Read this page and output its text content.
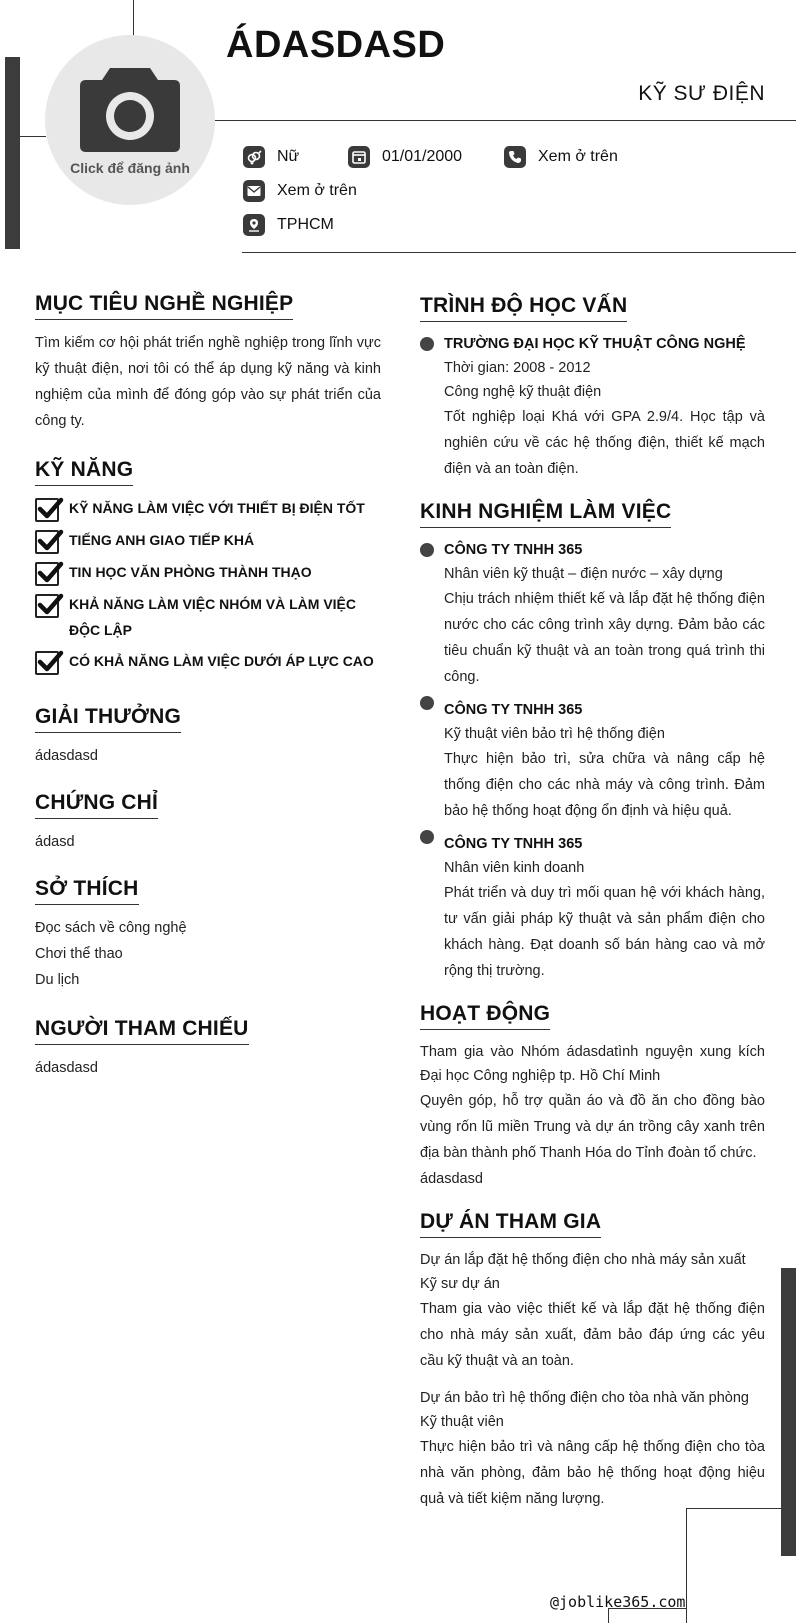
Click để đăng ảnh
ÁDASDASD
KỸ SƯ ĐIỆN
Nữ	01/01/2000	Xem ở trên
Xem ở trên
TPHCM
MỤC TIÊU NGHỀ NGHIỆP
Tìm kiếm cơ hội phát triển nghề nghiệp trong lĩnh vực kỹ thuật điện, nơi tôi có thể áp dụng kỹ năng và kinh nghiệm của mình để đóng góp vào sự phát triển của công ty.
KỸ NĂNG
KỸ NĂNG LÀM VIỆC VỚI THIẾT BỊ ĐIỆN TỐT
TIẾNG ANH GIAO TIẾP KHÁ
TIN HỌC VĂN PHÒNG THÀNH THẠO
KHẢ NĂNG LÀM VIỆC NHÓM VÀ LÀM VIỆC ĐỘC LẬP
CÓ KHẢ NĂNG LÀM VIỆC DƯỚI ÁP LỰC CAO
GIẢI THƯỞNG
ádasdasd
CHỨNG CHỈ
ádasd
SỞ THÍCH
Đọc sách về công nghệ
Chơi thể thao
Du lịch
NGƯỜI THAM CHIẾU
ádasdasd
TRÌNH ĐỘ HỌC VẤN
TRƯỜNG ĐẠI HỌC KỸ THUẬT CÔNG NGHỆ
Thời gian: 2008 - 2012
Công nghệ kỹ thuật điện
Tốt nghiệp loại Khá với GPA 2.9/4. Học tập và nghiên cứu về các hệ thống điện, thiết kế mạch điện và an toàn điện.
KINH NGHIỆM LÀM VIỆC
CÔNG TY TNHH 365
Nhân viên kỹ thuật – điện nước – xây dựng
Chịu trách nhiệm thiết kế và lắp đặt hệ thống điện nước cho các công trình xây dựng. Đảm bảo các tiêu chuẩn kỹ thuật và an toàn trong quá trình thi công.
CÔNG TY TNHH 365
Kỹ thuật viên bảo trì hệ thống điện
Thực hiện bảo trì, sửa chữa và nâng cấp hệ thống điện cho các nhà máy và công trình. Đảm bảo hệ thống hoạt động ổn định và hiệu quả.
CÔNG TY TNHH 365
Nhân viên kinh doanh
Phát triển và duy trì mối quan hệ với khách hàng, tư vấn giải pháp kỹ thuật và sản phẩm điện cho khách hàng. Đạt doanh số bán hàng cao và mở rộng thị trường.
HOẠT ĐỘNG
Tham gia vào Nhóm ádasdatình nguyện xung kích Đại học Công nghiệp tp. Hồ Chí Minh
Quyên góp, hỗ trợ quần áo và đồ ăn cho đồng bào vùng rốn lũ miền Trung và dự án trồng cây xanh trên địa bàn thành phố Thanh Hóa do Tỉnh đoàn tổ chức.
ádasdasd
DỰ ÁN THAM GIA
Dự án lắp đặt hệ thống điện cho nhà máy sản xuất
Kỹ sư dự án
Tham gia vào việc thiết kế và lắp đặt hệ thống điện cho nhà máy sản xuất, đảm bảo đáp ứng các yêu cầu kỹ thuật và an toàn.
Dự án bảo trì hệ thống điện cho tòa nhà văn phòng
Kỹ thuật viên
Thực hiện bảo trì và nâng cấp hệ thống điện cho tòa nhà văn phòng, đảm bảo hệ thống hoạt động hiệu quả và tiết kiệm năng lượng.
@joblike365.com
